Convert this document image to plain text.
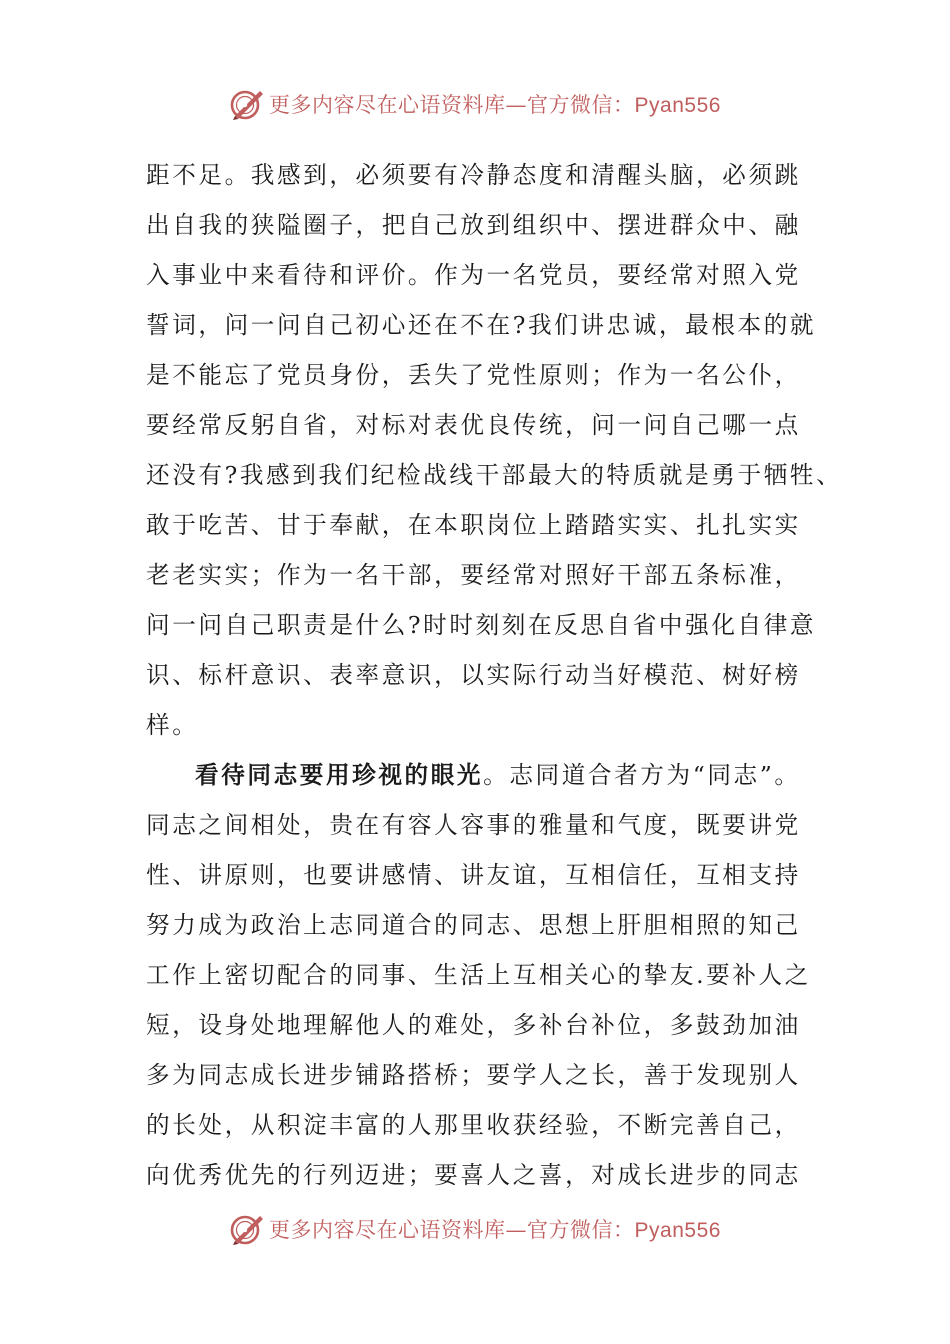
更多内容尽在心语资料库—官方微信：Pyan556
距不足。我感到，必须要有冷静态度和清醒头脑，必须跳
出自我的狭隘圈子，把自己放到组织中、摆进群众中、融
入事业中来看待和评价。作为一名党员，要经常对照入党
誓词，问一问自己初心还在不在?我们讲忠诚，最根本的就
是不能忘了党员身份，丢失了党性原则；作为一名公仆，
要经常反躬自省，对标对表优良传统，问一问自己哪一点
还没有?我感到我们纪检战线干部最大的特质就是勇于牺牲、
敢于吃苦、甘于奉献，在本职岗位上踏踏实实、扎扎实实
老老实实；作为一名干部，要经常对照好干部五条标准，
问一问自己职责是什么?时时刻刻在反思自省中强化自律意
识、标杆意识、表率意识，以实际行动当好模范、树好榜
样。
看待同志要用珍视的眼光。志同道合者方为“同志”。
同志之间相处，贵在有容人容事的雅量和气度，既要讲党
性、讲原则，也要讲感情、讲友谊，互相信任，互相支持
努力成为政治上志同道合的同志、思想上肝胆相照的知己
工作上密切配合的同事、生活上互相关心的挚友.要补人之
短，设身处地理解他人的难处，多补台补位，多鼓劲加油
多为同志成长进步铺路搭桥；要学人之长，善于发现别人
的长处，从积淀丰富的人那里收获经验，不断完善自己，
向优秀优先的行列迈进；要喜人之喜，对成长进步的同志
更多内容尽在心语资料库—官方微信：Pyan556
